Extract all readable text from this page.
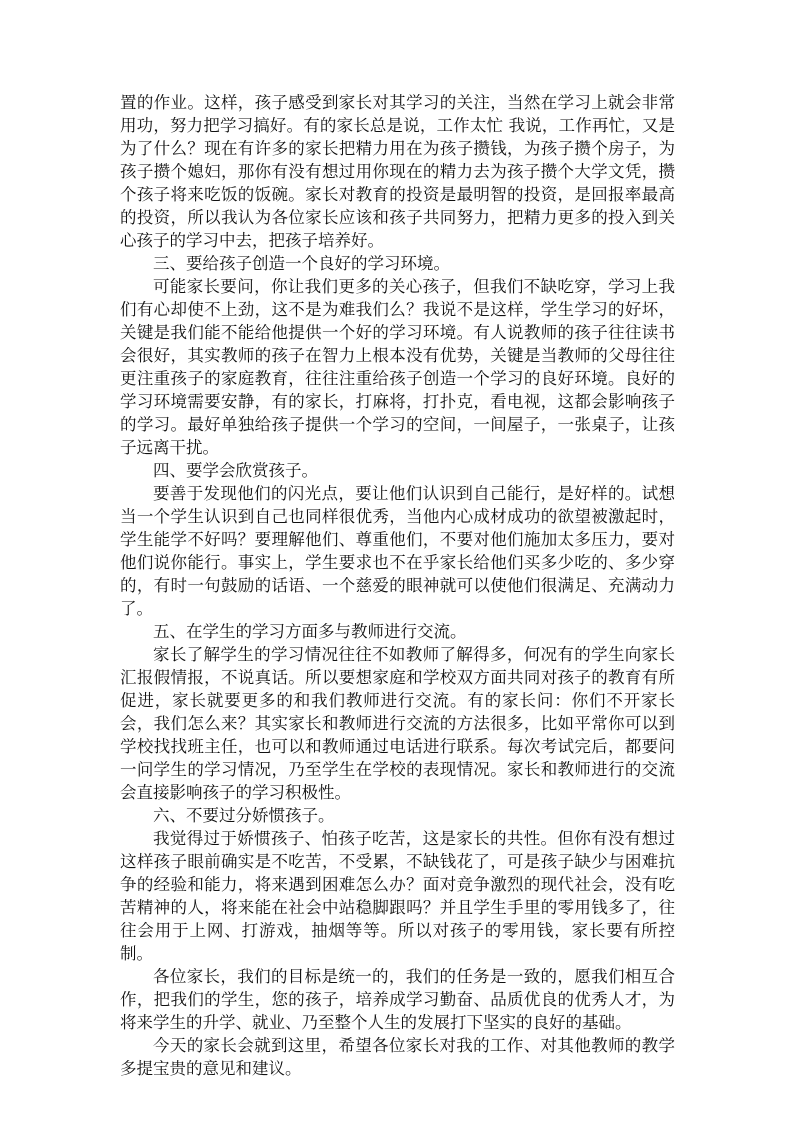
置的作业。这样，孩子感受到家长对其学习的关注，当然在学习上就会非常用功，努力把学习搞好。有的家长总是说，工作太忙 我说，工作再忙，又是为了什么？现在有许多的家长把精力用在为孩子攒钱，为孩子攒个房子，为孩子攒个媳妇，那你有没有想过用你现在的精力去为孩子攒个大学文凭，攒个孩子将来吃饭的饭碗。家长对教育的投资是最明智的投资，是回报率最高的投资，所以我认为各位家长应该和孩子共同努力，把精力更多的投入到关心孩子的学习中去，把孩子培养好。

三、要给孩子创造一个良好的学习环境。

可能家长要问，你让我们更多的关心孩子，但我们不缺吃穿，学习上我们有心却使不上劲，这不是为难我们么？我说不是这样，学生学习的好坏，关键是我们能不能给他提供一个好的学习环境。有人说教师的孩子往往读书会很好，其实教师的孩子在智力上根本没有优势，关键是当教师的父母往往更注重孩子的家庭教育，往往注重给孩子创造一个学习的良好环境。良好的学习环境需要安静，有的家长，打麻将，打扑克，看电视，这都会影响孩子的学习。最好单独给孩子提供一个学习的空间，一间屋子，一张桌子，让孩子远离干扰。

四、要学会欣赏孩子。

要善于发现他们的闪光点，要让他们认识到自己能行，是好样的。试想当一个学生认识到自己也同样很优秀，当他内心成材成功的欲望被激起时，学生能学不好吗？要理解他们、尊重他们，不要对他们施加太多压力，要对他们说你能行。事实上，学生要求也不在乎家长给他们买多少吃的、多少穿的，有时一句鼓励的话语、一个慈爱的眼神就可以使他们很满足、充满动力了。

五、在学生的学习方面多与教师进行交流。

家长了解学生的学习情况往往不如教师了解得多，何况有的学生向家长汇报假情报，不说真话。所以要想家庭和学校双方面共同对孩子的教育有所促进，家长就要更多的和我们教师进行交流。有的家长问：你们不开家长会，我们怎么来？其实家长和教师进行交流的方法很多，比如平常你可以到学校找找班主任，也可以和教师通过电话进行联系。每次考试完后，都要问一问学生的学习情况，乃至学生在学校的表现情况。家长和教师进行的交流会直接影响孩子的学习积极性。

六、不要过分娇惯孩子。

我觉得过于娇惯孩子、怕孩子吃苦，这是家长的共性。但你有没有想过这样孩子眼前确实是不吃苦，不受累，不缺钱花了，可是孩子缺少与困难抗争的经验和能力，将来遇到困难怎么办？面对竞争激烈的现代社会，没有吃苦精神的人，将来能在社会中站稳脚跟吗？并且学生手里的零用钱多了，往往会用于上网、打游戏，抽烟等等。所以对孩子的零用钱，家长要有所控制。

各位家长，我们的目标是统一的，我们的任务是一致的，愿我们相互合作，把我们的学生，您的孩子，培养成学习勤奋、品质优良的优秀人才，为将来学生的升学、就业、乃至整个人生的发展打下坚实的良好的基础。

今天的家长会就到这里，希望各位家长对我的工作、对其他教师的教学多提宝贵的意见和建议。
